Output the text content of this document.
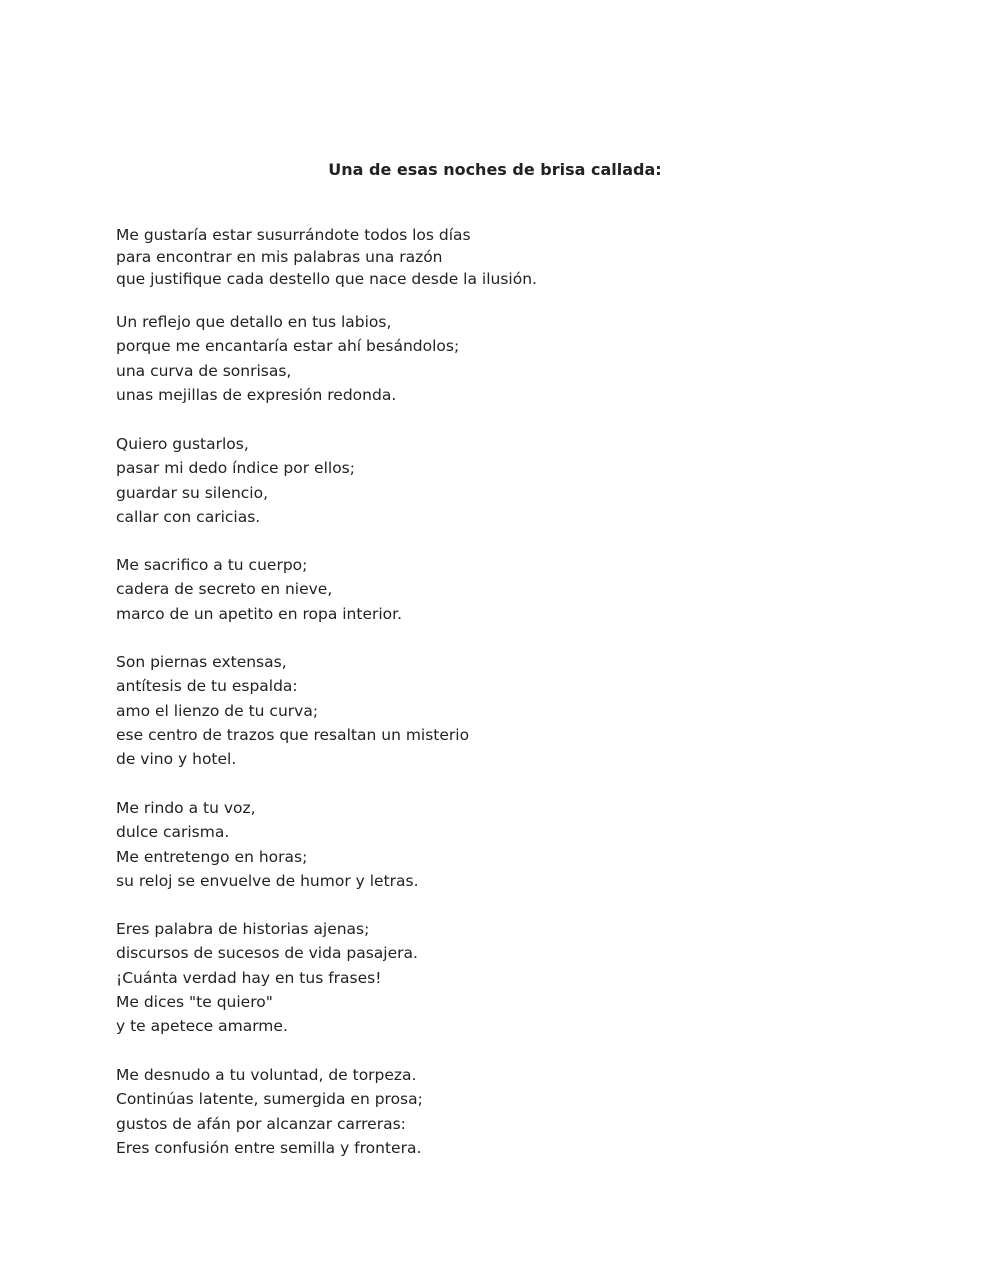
Una de esas noches de brisa callada:

Me gustaría estar susurrándote todos los días
para encontrar en mis palabras una razón
que justifique cada destello que nace desde la ilusión.

Un reflejo que detallo en tus labios,
porque me encantaría estar ahí besándolos;
una curva de sonrisas,
unas mejillas de expresión redonda.

Quiero gustarlos,
pasar mi dedo índice por ellos;
guardar su silencio,
callar con caricias.

Me sacrifico a tu cuerpo;
cadera de secreto en nieve,
marco de un apetito en ropa interior.

Son piernas extensas,
antítesis de tu espalda:
amo el lienzo de tu curva;
ese centro de trazos que resaltan un misterio
de vino y hotel.

Me rindo a tu voz,
dulce carisma.
Me entretengo en horas;
su reloj se envuelve de humor y letras.

Eres palabra de historias ajenas;
discursos de sucesos de vida pasajera.
¡Cuánta verdad hay en tus frases!
Me dices "te quiero"
y te apetece amarme.

Me desnudo a tu voluntad, de torpeza.
Continúas latente, sumergida en prosa;
gustos de afán por alcanzar carreras:
Eres confusión entre semilla y frontera.
